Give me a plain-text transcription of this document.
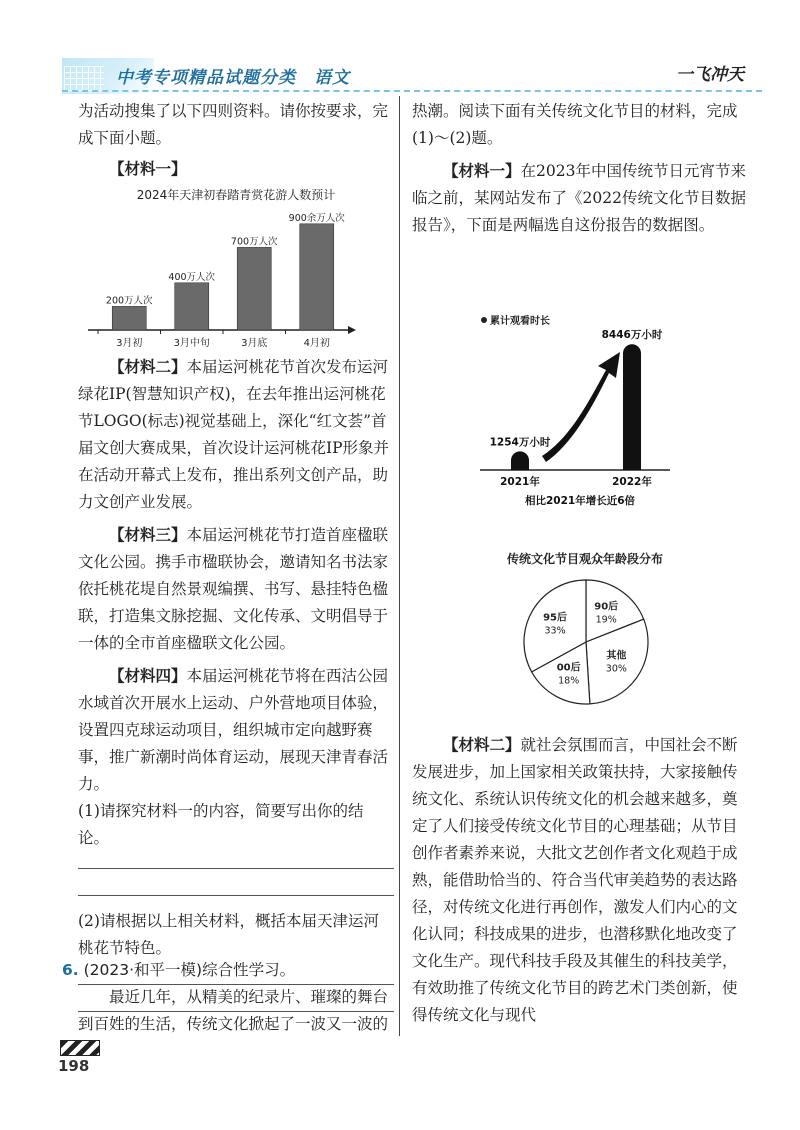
中考专项精品试题分类　语文	一飞冲天

为活动搜集了以下四则资料。请你按要求，完

成下面小题。

【材料一】

2024年天津初春踏青赏花游人数预计
200万人次
3月初
400万人次
3月中旬
700万人次
3月底
900余万人次
4月初

【材料二】本届运河桃花节首次发布运河绿花IP(智慧知识产权)，在去年推出运河桃花节LOGO(标志)视觉基础上，深化“红文荟”首届文创大赛成果，首次设计运河桃花IP形象并在活动开幕式上发布，推出系列文创产品，助力文创产业发展。

【材料三】本届运河桃花节打造首座楹联文化公园。携手市楹联协会，邀请知名书法家依托桃花堤自然景观编撰、书写、悬挂特色楹联，打造集文脉挖掘、文化传承、文明倡导于一体的全市首座楹联文化公园。

【材料四】本届运河桃花节将在西沽公园水域首次开展水上运动、户外营地项目体验，设置四克球运动项目，组织城市定向越野赛事，推广新潮时尚体育运动，展现天津青春活力。

(1)请探究材料一的内容，简要写出你的结论。

(2)请根据以上相关材料，概括本届天津运河

桃花节特色。

6. (2023·和平一模)综合性学习。

最近几年，从精美的纪录片、璀璨的舞台到百姓的生活，传统文化掀起了一波又一波的

198

热潮。阅读下面有关传统文化节目的材料，完成(1)～(2)题。

【材料一】在2023年中国传统节日元宵节来临之前，某网站发布了《2022传统文化节目数据报告》，下面是两幅选自这份报告的数据图。

累计观看时长
1254万小时
2021年
8446万小时
2022年
相比2021年增长近6倍
传统文化节目观众年龄段分布
90后
19%
其他
30%
00后
18%
95后
33%

【材料二】就社会氛围而言，中国社会不断发展进步，加上国家相关政策扶持，大家接触传统文化、系统认识传统文化的机会越来越多，奠定了人们接受传统文化节目的心理基础；从节目创作者素养来说，大批文艺创作者文化观趋于成熟，能借助恰当的、符合当代审美趋势的表达路径，对传统文化进行再创作，激发人们内心的文化认同；科技成果的进步，也潜移默化地改变了文化生产。现代科技手段及其催生的科技美学，有效助推了传统文化节目的跨艺术门类创新，使得传统文化与现代
